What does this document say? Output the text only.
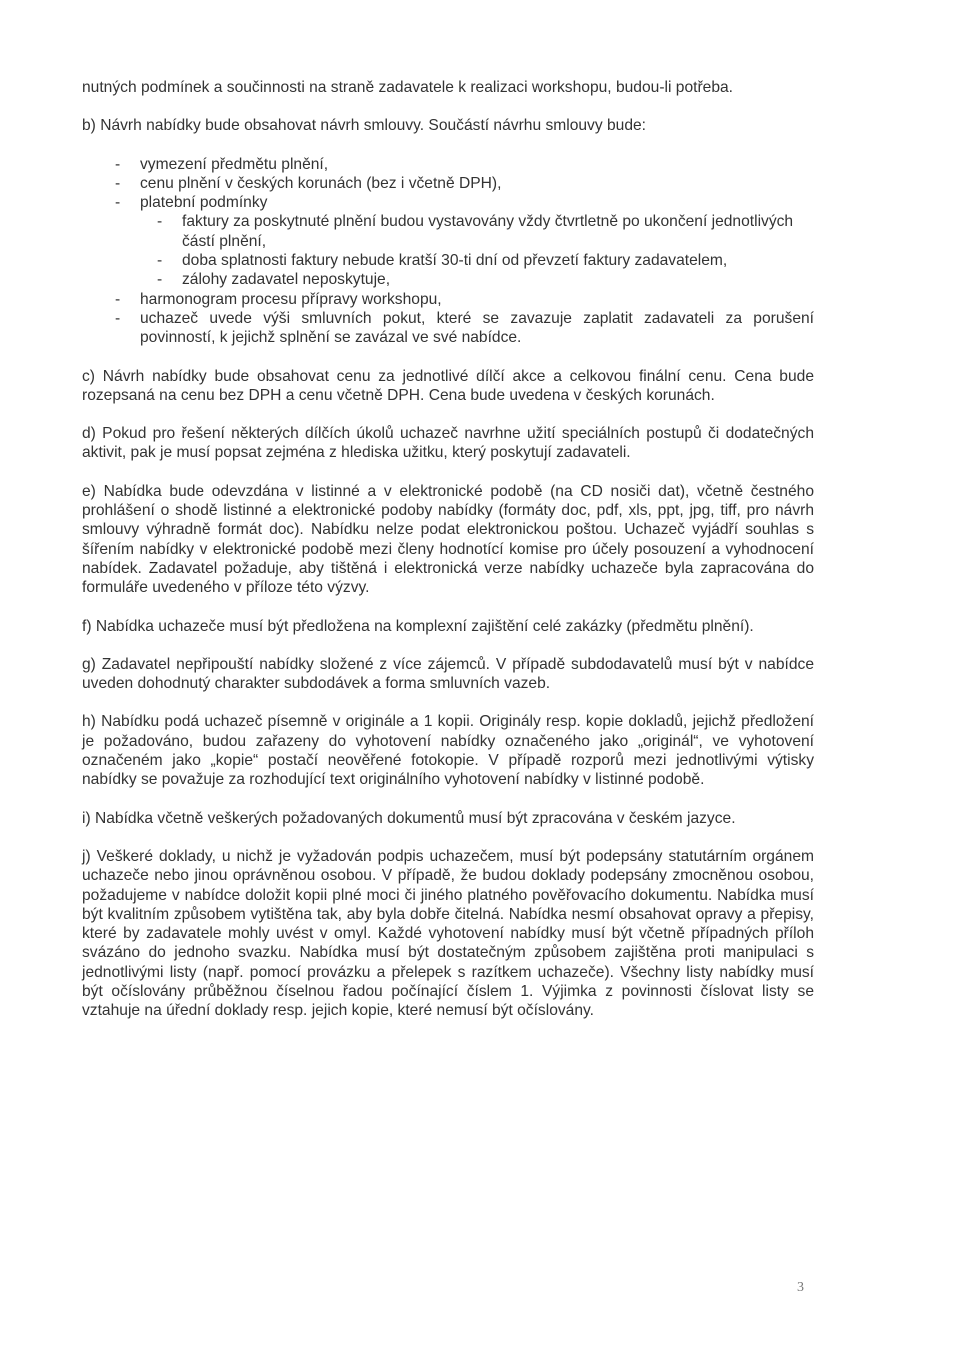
nutných podmínek a součinnosti na straně zadavatele k realizaci workshopu, budou-li potřeba.

b) Návrh nabídky bude obsahovat návrh smlouvy. Součástí návrhu smlouvy bude:

- vymezení předmětu plnění,
- cenu plnění v českých korunách (bez i včetně DPH),
- platební podmínky
- faktury za poskytnuté plnění budou vystavovány vždy čtvrtletně po ukončení jednotlivých částí plnění,
- doba splatnosti faktury nebude kratší 30-ti dní od převzetí faktury zadavatelem,
- zálohy zadavatel neposkytuje,
- harmonogram procesu přípravy workshopu,
- uchazeč uvede výši smluvních pokut, které se zavazuje zaplatit zadavateli za porušení povinností, k jejichž splnění se zavázal ve své nabídce.

c) Návrh nabídky bude obsahovat cenu za jednotlivé dílčí akce a celkovou finální cenu. Cena bude rozepsaná na cenu bez DPH a cenu včetně DPH. Cena bude uvedena v českých korunách.

d) Pokud pro řešení některých dílčích úkolů uchazeč navrhne užití speciálních postupů či dodatečných aktivit, pak je musí popsat zejména z hlediska užitku, který poskytují zadavateli.

e) Nabídka bude odevzdána v listinné a v elektronické podobě (na CD nosiči dat), včetně čestného prohlášení o shodě listinné a elektronické podoby nabídky (formáty doc, pdf, xls, ppt, jpg, tiff, pro návrh smlouvy výhradně formát doc). Nabídku nelze podat elektronickou poštou. Uchazeč vyjádří souhlas s šířením nabídky v elektronické podobě mezi členy hodnotící komise pro účely posouzení a vyhodnocení nabídek. Zadavatel požaduje, aby tištěná i elektronická verze nabídky uchazeče byla zapracována do formuláře uvedeného v příloze této výzvy.

f) Nabídka uchazeče musí být předložena na komplexní zajištění celé zakázky (předmětu plnění).

g) Zadavatel nepřipouští nabídky složené z více zájemců. V případě subdodavatelů musí být v nabídce uveden dohodnutý charakter subdodávek a forma smluvních vazeb.

h) Nabídku podá uchazeč písemně v originále a 1 kopii. Originály resp. kopie dokladů, jejichž předložení je požadováno, budou zařazeny do vyhotovení nabídky označeného jako „originál“, ve vyhotovení označeném jako „kopie“ postačí neověřené fotokopie. V případě rozporů mezi jednotlivými výtisky nabídky se považuje za rozhodující text originálního vyhotovení nabídky v listinné podobě.

i) Nabídka včetně veškerých požadovaných dokumentů musí být zpracována v českém jazyce.

j) Veškeré doklady, u nichž je vyžadován podpis uchazečem, musí být podepsány statutárním orgánem uchazeče nebo jinou oprávněnou osobou. V případě, že budou doklady podepsány zmocněnou osobou, požadujeme v nabídce doložit kopii plné moci či jiného platného pověřovacího dokumentu. Nabídka musí být kvalitním způsobem vytištěna tak, aby byla dobře čitelná. Nabídka nesmí obsahovat opravy a přepisy, které by zadavatele mohly uvést v omyl. Každé vyhotovení nabídky musí být včetně případných příloh svázáno do jednoho svazku. Nabídka musí být dostatečným způsobem zajištěna proti manipulaci s jednotlivými listy (např. pomocí provázku a přelepek s razítkem uchazeče). Všechny listy nabídky musí být očíslovány průběžnou číselnou řadou počínající číslem 1. Výjimka z povinnosti číslovat listy se vztahuje na úřední doklady resp. jejich kopie, které nemusí být očíslovány.

3
